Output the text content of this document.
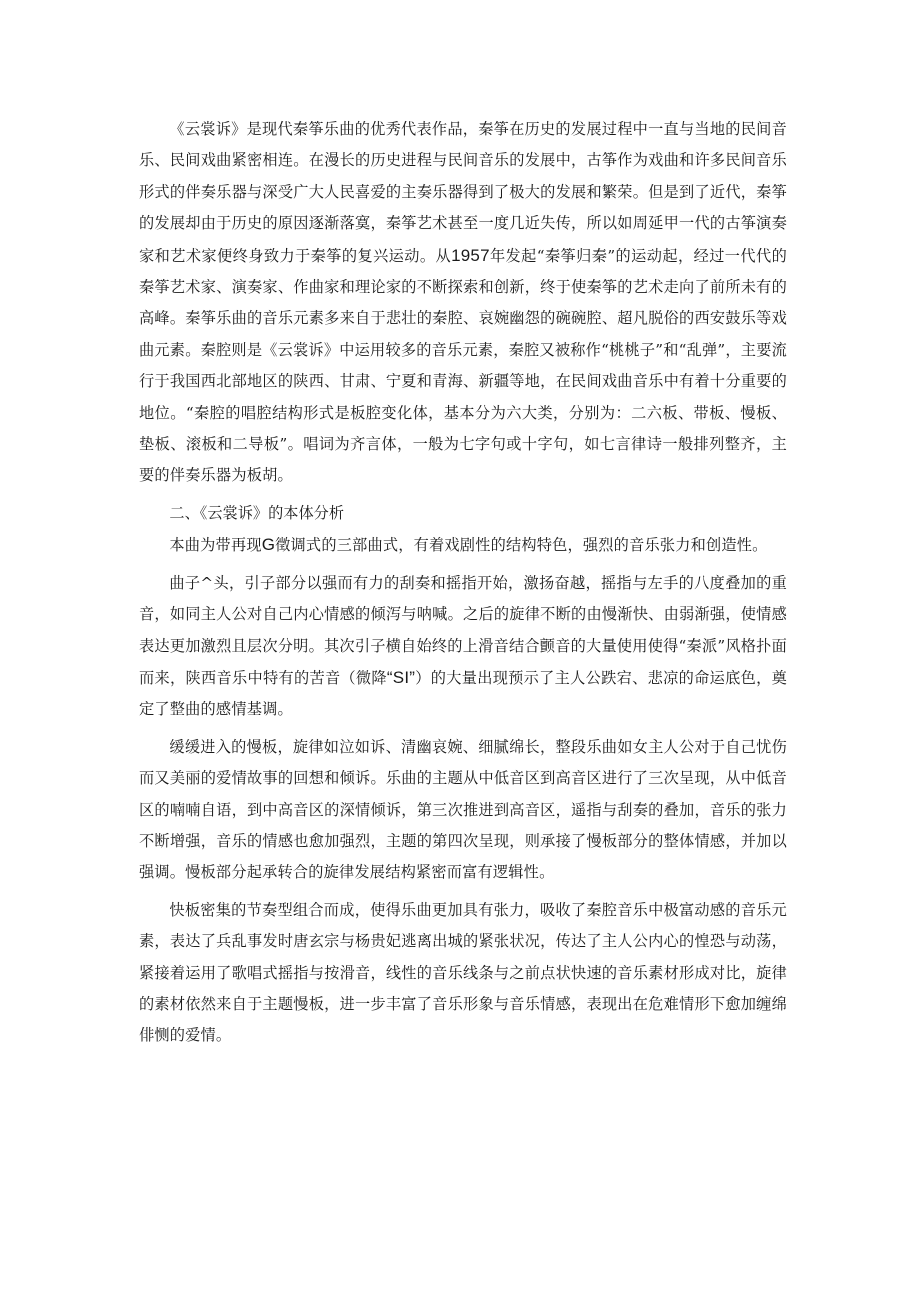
《云裳诉》是现代秦筝乐曲的优秀代表作品，秦筝在历史的发展过程中一直与当地的民间音乐、民间戏曲紧密相连。在漫长的历史进程与民间音乐的发展中，古筝作为戏曲和许多民间音乐形式的伴奏乐器与深受广大人民喜爱的主奏乐器得到了极大的发展和繁荣。但是到了近代，秦筝的发展却由于历史的原因逐渐落寞，秦筝艺术甚至一度几近失传，所以如周延甲一代的古筝演奏家和艺术家便终身致力于秦筝的复兴运动。从1957年发起“秦筝归秦”的运动起，经过一代代的秦筝艺术家、演奏家、作曲家和理论家的不断探索和创新，终于使秦筝的艺术走向了前所未有的高峰。秦筝乐曲的音乐元素多来自于悲壮的秦腔、哀婉幽怨的碗碗腔、超凡脱俗的西安鼓乐等戏曲元素。秦腔则是《云裳诉》中运用较多的音乐元素，秦腔又被称作“桃桃子”和“乱弹”，主要流行于我国西北部地区的陕西、甘肃、宁夏和青海、新疆等地，在民间戏曲音乐中有着十分重要的地位。“秦腔的唱腔结构形式是板腔变化体，基本分为六大类，分别为：二六板、带板、慢板、垫板、滚板和二导板”。唱词为齐言体，一般为七字句或十字句，如七言律诗一般排列整齐，主要的伴奏乐器为板胡。

二、《云裳诉》的本体分析

本曲为带再现G徵调式的三部曲式，有着戏剧性的结构特色，强烈的音乐张力和创造性。

曲子^头，引子部分以强而有力的刮奏和摇指开始，激扬奋越，摇指与左手的八度叠加的重音，如同主人公对自己内心情感的倾泻与呐喊。之后的旋律不断的由慢渐快、由弱渐强，使情感表达更加激烈且层次分明。其次引子横自始终的上滑音结合颤音的大量使用使得“秦派”风格扑面而来，陕西音乐中特有的苦音（微降“SI”）的大量出现预示了主人公跌宕、悲凉的命运底色，奠定了整曲的感情基调。

缓缓进入的慢板，旋律如泣如诉、清幽哀婉、细腻绵长，整段乐曲如女主人公对于自己忧伤而又美丽的爱情故事的回想和倾诉。乐曲的主题从中低音区到高音区进行了三次呈现，从中低音区的喃喃自语，到中高音区的深情倾诉，第三次推进到高音区，遥指与刮奏的叠加，音乐的张力不断增强，音乐的情感也愈加强烈，主题的第四次呈现，则承接了慢板部分的整体情感，并加以强调。慢板部分起承转合的旋律发展结构紧密而富有逻辑性。

快板密集的节奏型组合而成，使得乐曲更加具有张力，吸收了秦腔音乐中极富动感的音乐元素，表达了兵乱事发时唐玄宗与杨贵妃逃离出城的紧张状况，传达了主人公内心的惶恐与动荡，紧接着运用了歌唱式摇指与按滑音，线性的音乐线条与之前点状快速的音乐素材形成对比，旋律的素材依然来自于主题慢板，进一步丰富了音乐形象与音乐情感，表现出在危难情形下愈加缠绵俳恻的爱情。
